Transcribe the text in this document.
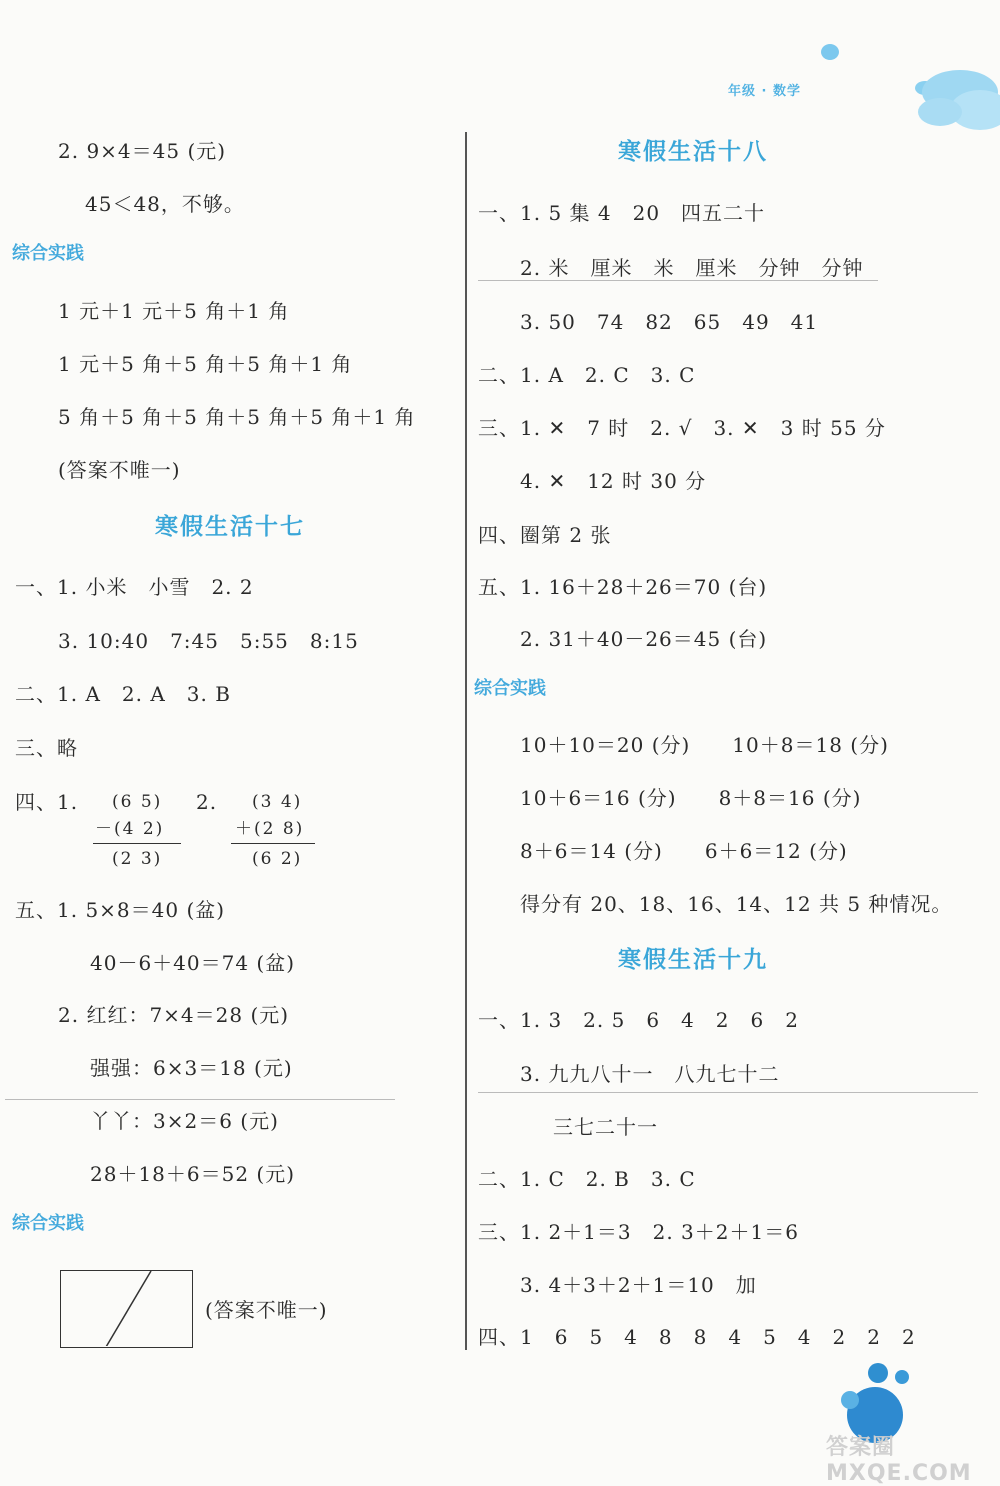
年级 · 数学
2. 9×4＝45 (元)
45＜48，不够。
综合实践
1 元＋1 元＋5 角＋1 角
1 元＋5 角＋5 角＋5 角＋1 角
5 角＋5 角＋5 角＋5 角＋5 角＋1 角
(答案不唯一)
寒假生活十七
一、1. 小米　小雪　2. 2
3. 10:40　7:45　5:55　8:15
二、1. A　2. A　3. B
三、略
四、1. (6 5)
－(4 2)
(2 3)
2. (3 4)
＋(2 8)
(6 2)
五、1. 5×8＝40 (盆)
40－6＋40＝74 (盆)
2. 红红：7×4＝28 (元)
强强：6×3＝18 (元)
丫丫：3×2＝6 (元)
28＋18＋6＝52 (元)
综合实践
(答案不唯一)
寒假生活十八
一、1. 5 集 4　20　四五二十
2. 米　厘米　米　厘米　分钟　分钟
3. 50　74　82　65　49　41
二、1. A　2. C　3. C
三、1. ✕　7 时　2. √　3. ✕　3 时 55 分
4. ✕　12 时 30 分
四、圈第 2 张
五、1. 16＋28＋26＝70 (台)
2. 31＋40－26＝45 (台)
综合实践
10＋10＝20 (分)　　10＋8＝18 (分)
10＋6＝16 (分)　　8＋8＝16 (分)
8＋6＝14 (分)　　6＋6＝12 (分)
得分有 20、18、16、14、12 共 5 种情况。
寒假生活十九
一、1. 3　2. 5　6　4　2　6　2
3. 九九八十一　八九七十二
三七二十一
二、1. C　2. B　3. C
三、1. 2＋1＝3　2. 3＋2＋1＝6
3. 4＋3＋2＋1＝10　加
四、1　6　5　4　8　8　4　5　4　2　2　2
答案圈 MXQE.COM
